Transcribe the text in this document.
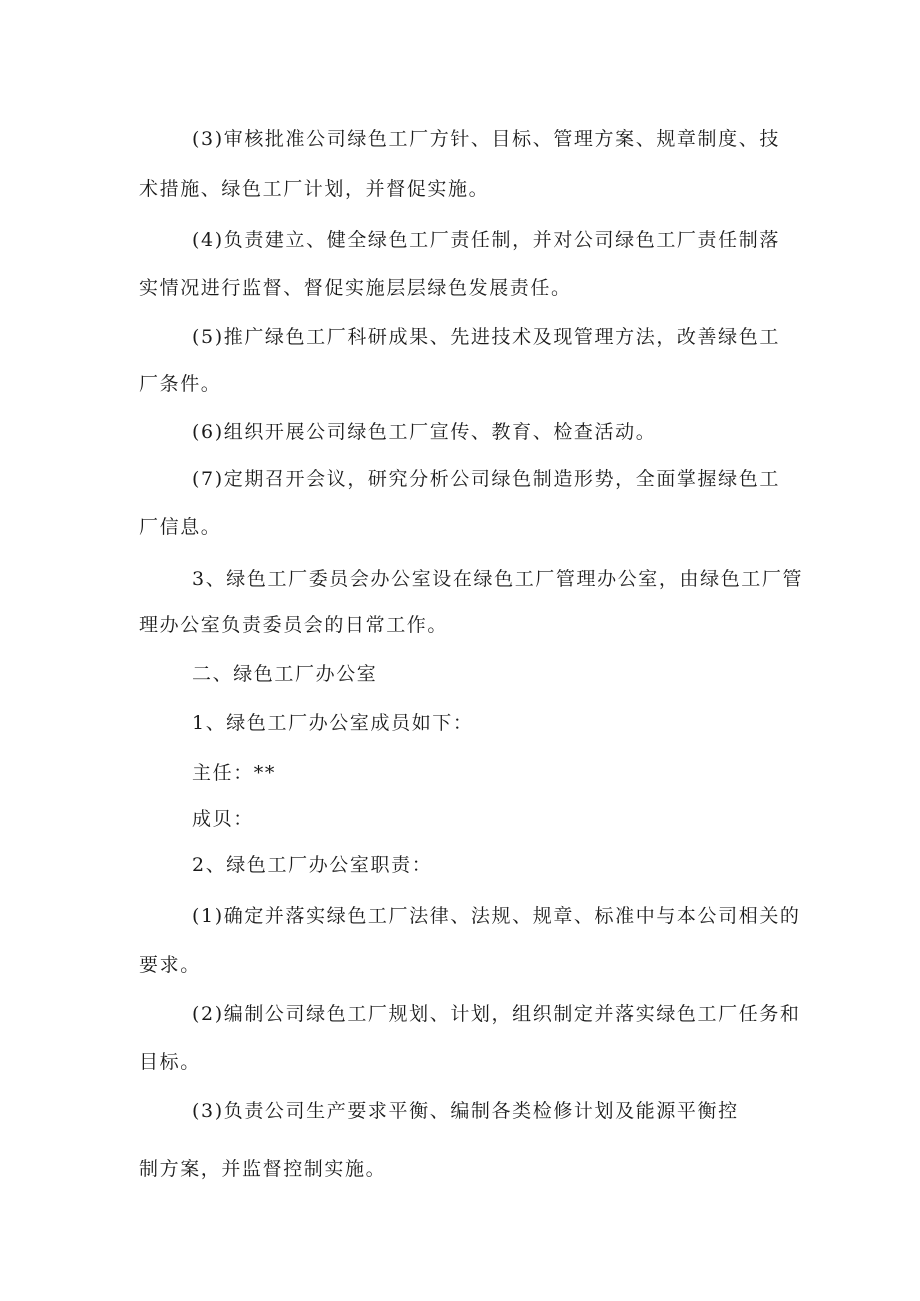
(3)审核批准公司绿色工厂方针、目标、管理方案、规章制度、技

术措施、绿色工厂计划，并督促实施。

(4)负责建立、健全绿色工厂责任制，并对公司绿色工厂责任制落

实情况进行监督、督促实施层层绿色发展责任。

(5)推广绿色工厂科研成果、先进技术及现管理方法，改善绿色工

厂条件。

(6)组织开展公司绿色工厂宣传、教育、检查活动。

(7)定期召开会议，研究分析公司绿色制造形势，全面掌握绿色工

厂信息。

3、绿色工厂委员会办公室设在绿色工厂管理办公室，由绿色工厂管

理办公室负责委员会的日常工作。

二、绿色工厂办公室

1、绿色工厂办公室成员如下：

主任：**

成贝：

2、绿色工厂办公室职责：

(1)确定并落实绿色工厂法律、法规、规章、标准中与本公司相关的

要求。

(2)编制公司绿色工厂规划、计划，组织制定并落实绿色工厂任务和

目标。

(3)负责公司生产要求平衡、编制各类检修计划及能源平衡控

制方案，并监督控制实施。
